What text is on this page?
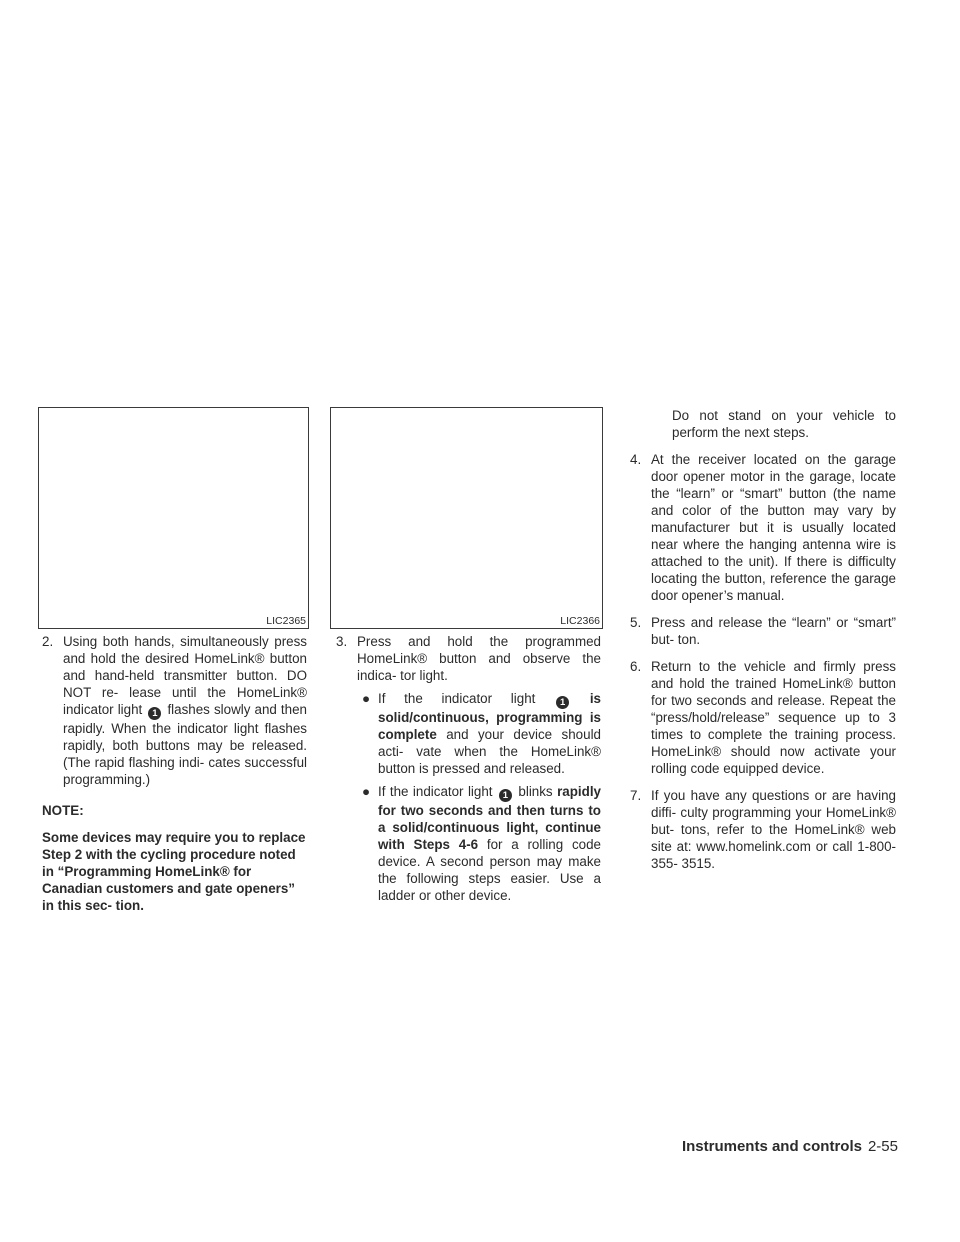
LIC2365	LIC2366
2. Using both hands, simultaneously press and hold the desired HomeLink® button and hand-held transmitter button. DO NOT re- lease until the HomeLink® indicator light 1 flashes slowly and then rapidly. When the indicator light flashes rapidly, both buttons may be released. (The rapid flashing indi- cates successful programming.)
NOTE:
Some devices may require you to replace Step 2 with the cycling procedure noted in “Programming HomeLink® for Canadian customers and gate openers” in this sec- tion.
3. Press and hold the programmed HomeLink® button and observe the indica- tor light.
● If the indicator light	1 is solid/continuous, programming is complete and your device should acti- vate when the HomeLink® button is pressed and released.
● If the indicator light 1 blinks rapidly for two seconds and then turns to a solid/continuous light, continue with Steps 4-6 for a rolling code device. A second person may make the following steps easier. Use a ladder or other device.
Do not stand on your vehicle to perform the next steps.
4. At the receiver located on the garage door opener motor in the garage, locate the “learn” or “smart” button (the name and color of the button may vary by manufacturer but it is usually located near where the hanging antenna wire is attached to the unit). If there is difficulty locating the button, reference the garage door opener’s manual.
5. Press and release the “learn” or “smart” but- ton.
6. Return to the vehicle and firmly press and hold the trained HomeLink® button for two seconds and release. Repeat the “press/hold/release” sequence up to 3 times to complete the training process. HomeLink® should now activate your rolling code equipped device.
7. If you have any questions or are having diffi- culty programming your HomeLink® but- tons, refer to the HomeLink® web site at: www.homelink.com or call 1-800-355- 3515.
Instruments and controls 2-55
